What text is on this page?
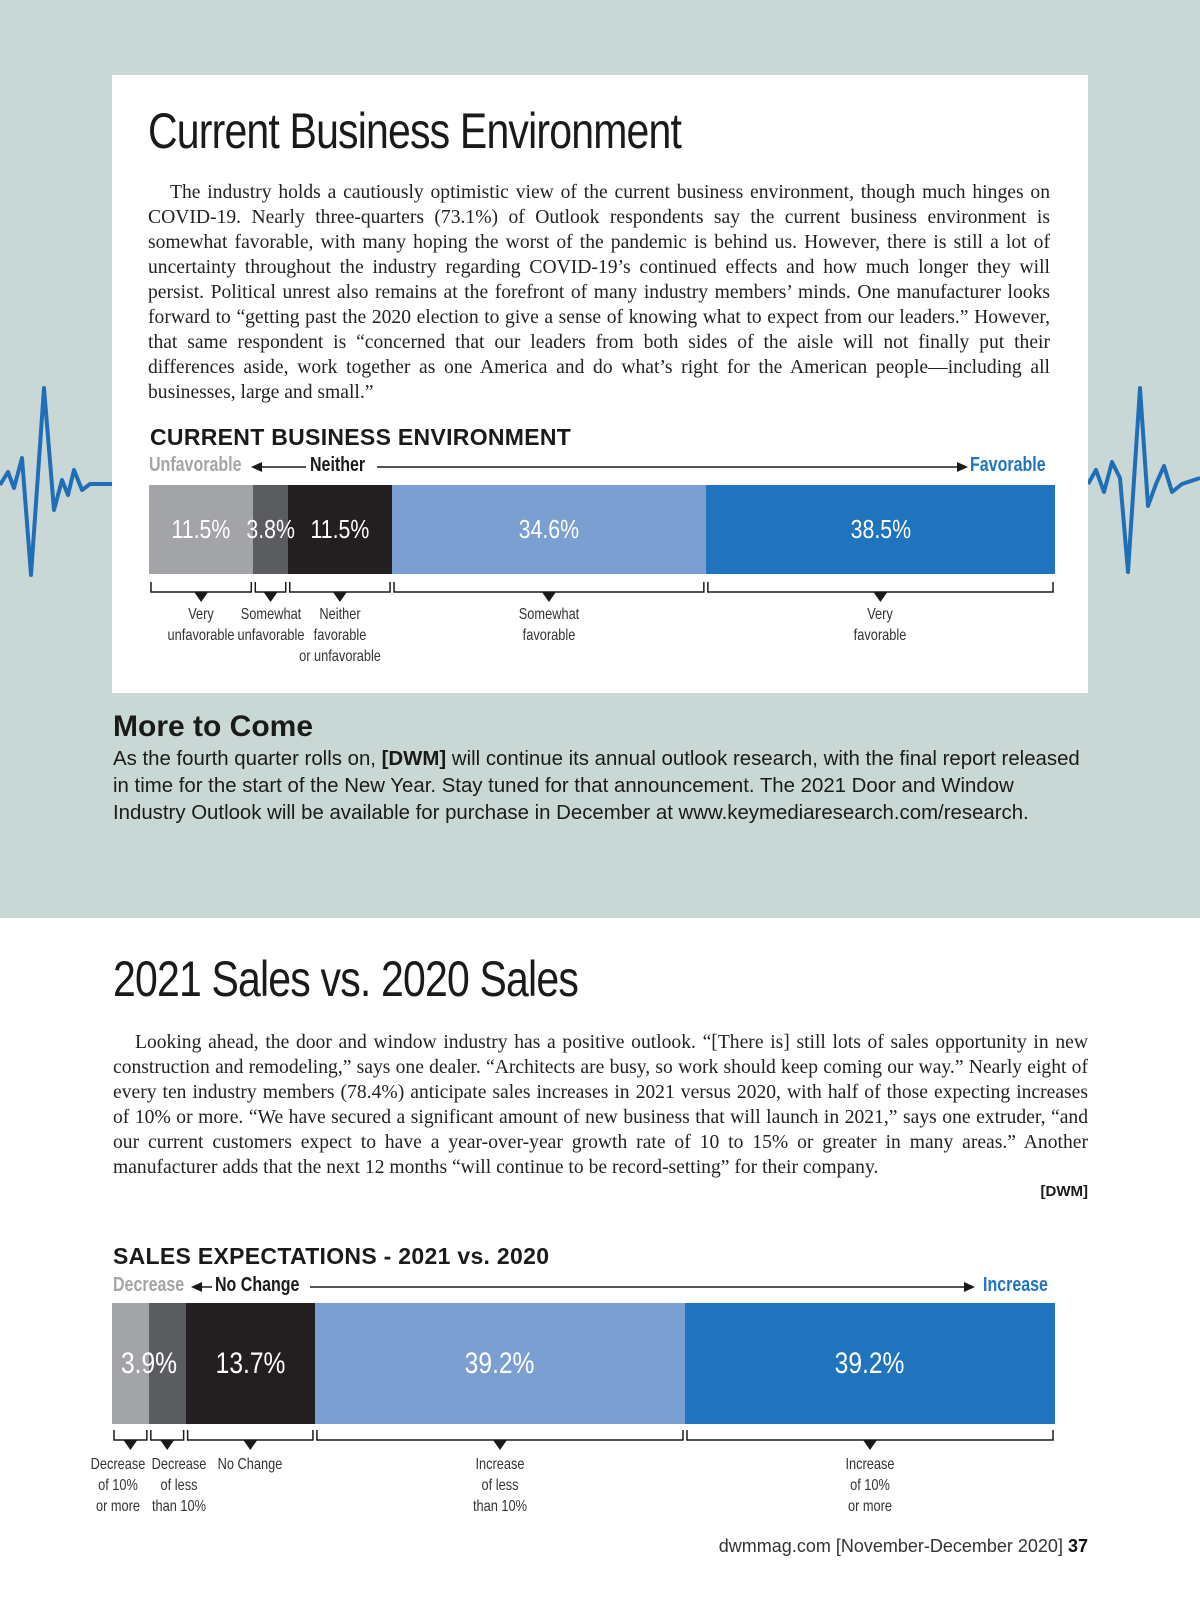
Current Business Environment

The industry holds a cautiously optimistic view of the current business environment, though much hinges on COVID-19. Nearly three-quarters (73.1%) of Outlook respondents say the current business environment is somewhat favorable, with many hoping the worst of the pandemic is behind us. However, there is still a lot of uncertainty throughout the industry regarding COVID-19’s continued effects and how much longer they will persist. Political unrest also remains at the forefront of many industry members’ minds. One manufacturer looks forward to “getting past the 2020 election to give a sense of knowing what to expect from our leaders.” However, that same respondent is “concerned that our leaders from both sides of the aisle will not finally put their differences aside, work together as one America and do what’s right for the American people—including all businesses, large and small.”

CURRENT BUSINESS ENVIRONMENT
Unfavorable	Neither	Favorable
11.5% 3.8% 11.5%	34.6%	38.5%
Very
unfavorable
Somewhat
unfavorable
Neither
favorable
or unfavorable
Somewhat
favorable
Very
favorable
More to Come

As the fourth quarter rolls on, [DWM] will continue its annual outlook research, with the final report released in time for the start of the New Year. Stay tuned for that announcement. The 2021 Door and Window Industry Outlook will be available for purchase in December at www.keymediaresearch.com/research.

2021 Sales vs. 2020 Sales

Looking ahead, the door and window industry has a positive outlook. “[There is] still lots of sales opportunity in new construction and remodeling,” says one dealer. “Architects are busy, so work should keep coming our way.” Nearly eight of every ten industry members (78.4%) anticipate sales increases in 2021 versus 2020, with half of those expecting increases of 10% or more. “We have secured a significant amount of new business that will launch in 2021,” says one extruder, “and our current customers expect to have a year-over-year growth rate of 10 to 15% or greater in many areas.” Another manufacturer adds that the next 12 months “will continue to be record-setting” for their company.

[DWM]
SALES EXPECTATIONS - 2021 vs. 2020
Decrease No Change	Increase
13.7%	39.2%	39.2%
3.9%
Decrease
of 10%
or more
Decrease
of less
than 10%
No Change	Increase
of less
than 10%
Increase
of 10%
or more
dwmmag.com [November-December 2020] 37
